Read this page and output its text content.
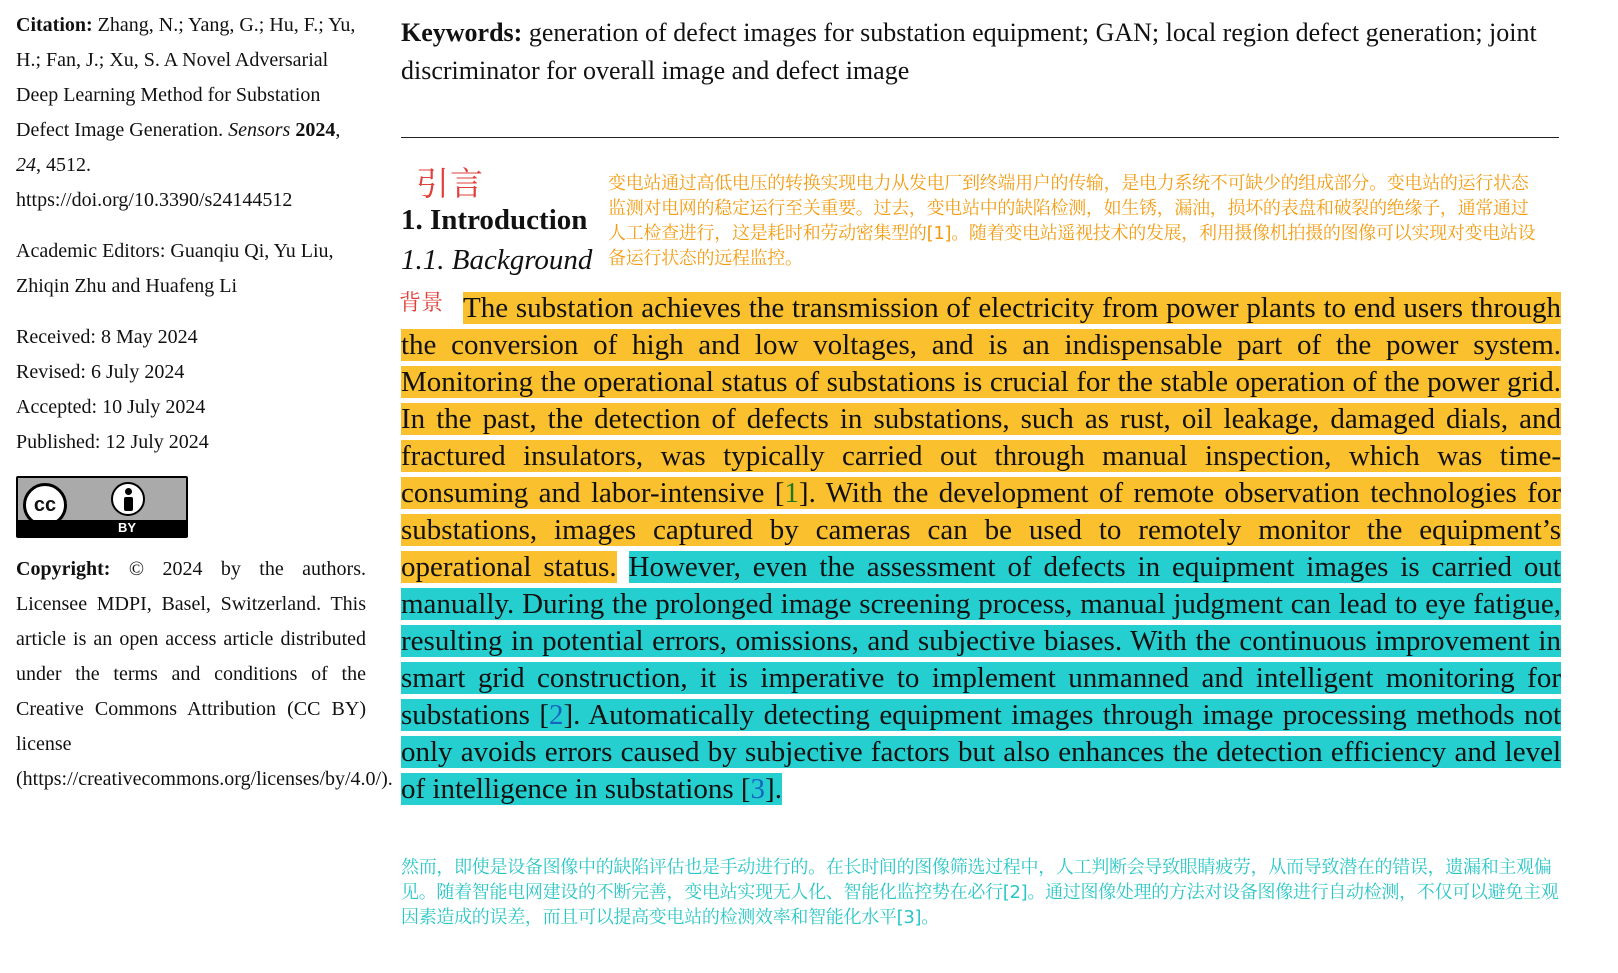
Citation: Zhang, N.; Yang, G.; Hu, F.; Yu, H.; Fan, J.; Xu, S. A Novel Adversarial Deep Learning Method for Substation Defect Image Generation. Sensors 2024, 24, 4512. https://doi.org/10.3390/s24144512

Academic Editors: Guanqiu Qi, Yu Liu, Zhiqin Zhu and Huafeng Li

Received: 8 May 2024

Revised: 6 July 2024

Accepted: 10 July 2024

Published: 12 July 2024

cc
BY

Copyright: © 2024 by the authors. Licensee MDPI, Basel, Switzerland. This article is an open access article distributed under the terms and conditions of the Creative Commons Attribution (CC BY) license (https://creativecommons.org/licenses/by/4.0/).

Keywords: generation of defect images for substation equipment; GAN; local region defect generation; joint discriminator for overall image and defect image

引言
1. Introduction
1.1. Background
变电站通过高低电压的转换实现电力从发电厂到终端用户的传输，是电力系统不可缺少的组成部分。变电站的运行状态监测对电网的稳定运行至关重要。过去，变电站中的缺陷检测，如生锈，漏油，损坏的表盘和破裂的绝缘子，通常通过人工检查进行，这是耗时和劳动密集型的[1]。随着变电站遥视技术的发展，利用摄像机拍摄的图像可以实现对变电站设备运行状态的远程监控。
背景 The substation achieves the transmission of electricity from power plants to end users through the conversion of high and low voltages, and is an indispensable part of the power system. Monitoring the operational status of substations is crucial for the stable operation of the power grid. In the past, the detection of defects in substations, such as rust, oil leakage, damaged dials, and fractured insulators, was typically carried out through manual inspection, which was time-consuming and labor-intensive [1]. With the development of remote observation technologies for substations, images captured by cameras can be used to remotely monitor the equipment’s operational status. However, even the assessment of defects in equipment images is carried out manually. During the prolonged image screening process, manual judgment can lead to eye fatigue, resulting in potential errors, omissions, and subjective biases. With the continuous improvement in smart grid construction, it is imperative to implement unmanned and intelligent monitoring for substations [2]. Automatically detecting equipment images through image processing methods not only avoids errors caused by subjective factors but also enhances the detection efficiency and level of intelligence in substations [3].

然而，即使是设备图像中的缺陷评估也是手动进行的。在长时间的图像筛选过程中，人工判断会导致眼睛疲劳，从而导致潜在的错误，遗漏和主观偏见。随着智能电网建设的不断完善，变电站实现无人化、智能化监控势在必行[2]。通过图像处理的方法对设备图像进行自动检测，不仅可以避免主观因素造成的误差，而且可以提高变电站的检测效率和智能化水平[3]。
